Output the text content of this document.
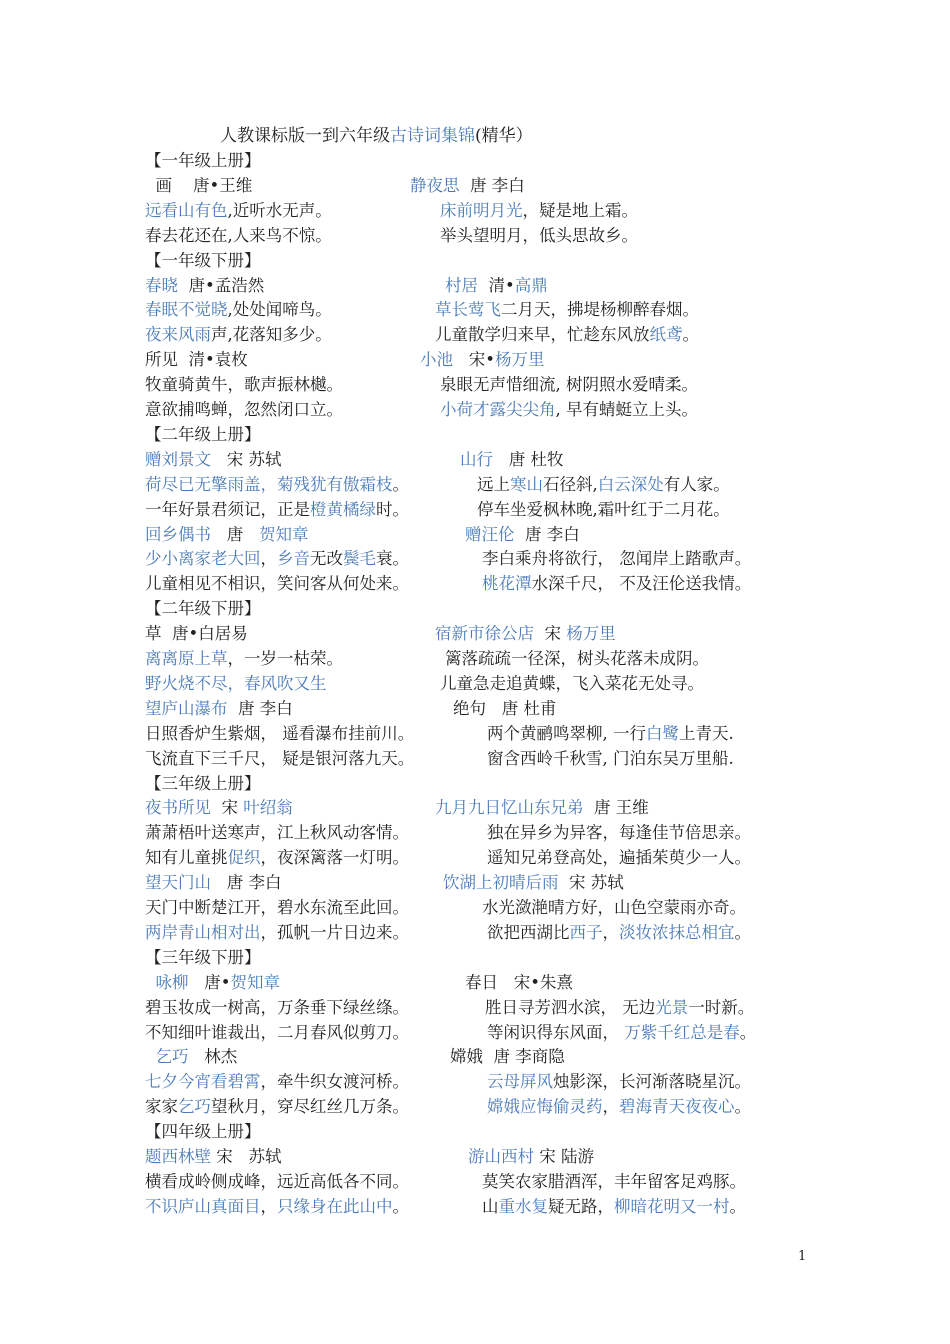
人教课标版一到六年级古诗词集锦(精华）
【一年级上册】
画    唐•王维	静夜思  唐 李白
远看山有色,近听水无声。	床前明月光，疑是地上霜。
春去花还在,人来鸟不惊。	举头望明月，低头思故乡。
【一年级下册】
春晓  唐•孟浩然	村居  清•高鼎
春眠不觉晓,处处闻啼鸟。	草长莺飞二月天，拂堤杨柳醉春烟。
夜来风雨声,花落知多少。	儿童散学归来早，忙趁东风放纸鸢。
所见  清•袁枚	小池   宋•杨万里
牧童骑黄牛，歌声振林樾。	泉眼无声惜细流, 树阴照水爱晴柔。
意欲捕鸣蝉，忽然闭口立。	小荷才露尖尖角, 早有蜻蜓立上头。
【二年级上册】
赠刘景文   宋 苏轼	山行   唐 杜牧
荷尽已无擎雨盖，菊残犹有傲霜枝。	远上寒山石径斜,白云深处有人家。
一年好景君须记，正是橙黄橘绿时。	停车坐爱枫林晚,霜叶红于二月花。
回乡偶书   唐   贺知章	赠汪伦  唐 李白
少小离家老大回，乡音无改鬓毛衰。	李白乘舟将欲行， 忽闻岸上踏歌声。
儿童相见不相识，笑问客从何处来。	桃花潭水深千尺， 不及汪伦送我情。
【二年级下册】
草  唐•白居易	宿新市徐公店  宋 杨万里
离离原上草，一岁一枯荣。	篱落疏疏一径深，树头花落未成阴。
野火烧不尽，春风吹又生	儿童急走追黄蝶，飞入菜花无处寻。
望庐山瀑布  唐 李白	绝句   唐 杜甫
日照香炉生紫烟， 遥看瀑布挂前川。	两个黄鹂鸣翠柳, 一行白鹭上青天.
飞流直下三千尺， 疑是银河落九天。	窗含西岭千秋雪, 门泊东吴万里船.
【三年级上册】
夜书所见  宋 叶绍翁	九月九日忆山东兄弟  唐 王维
萧萧梧叶送寒声，江上秋风动客情。	独在异乡为异客，每逢佳节倍思亲。
知有儿童挑促织，夜深篱落一灯明。	遥知兄弟登高处，遍插茱萸少一人。
望天门山   唐 李白	饮湖上初晴后雨  宋 苏轼
天门中断楚江开，碧水东流至此回。	水光潋滟晴方好，山色空蒙雨亦奇。
两岸青山相对出，孤帆一片日边来。	欲把西湖比西子，淡妆浓抹总相宜。
【三年级下册】
咏柳   唐•贺知章	春日   宋•朱熹
碧玉妆成一树高，万条垂下绿丝绦。	胜日寻芳泗水滨， 无边光景一时新。
不知细叶谁裁出，二月春风似剪刀。	等闲识得东风面， 万紫千红总是春。
乞巧   林杰	嫦娥  唐 李商隐
七夕今宵看碧霄，牵牛织女渡河桥。	云母屏风烛影深，长河渐落晓星沉。
家家乞巧望秋月，穿尽红丝几万条。	嫦娥应悔偷灵药，碧海青天夜夜心。
【四年级上册】
题西林壁 宋   苏轼	游山西村 宋 陆游
横看成岭侧成峰，远近高低各不同。	莫笑农家腊酒浑，丰年留客足鸡豚。
不识庐山真面目，只缘身在此山中。	山重水复疑无路，柳暗花明又一村。
1
